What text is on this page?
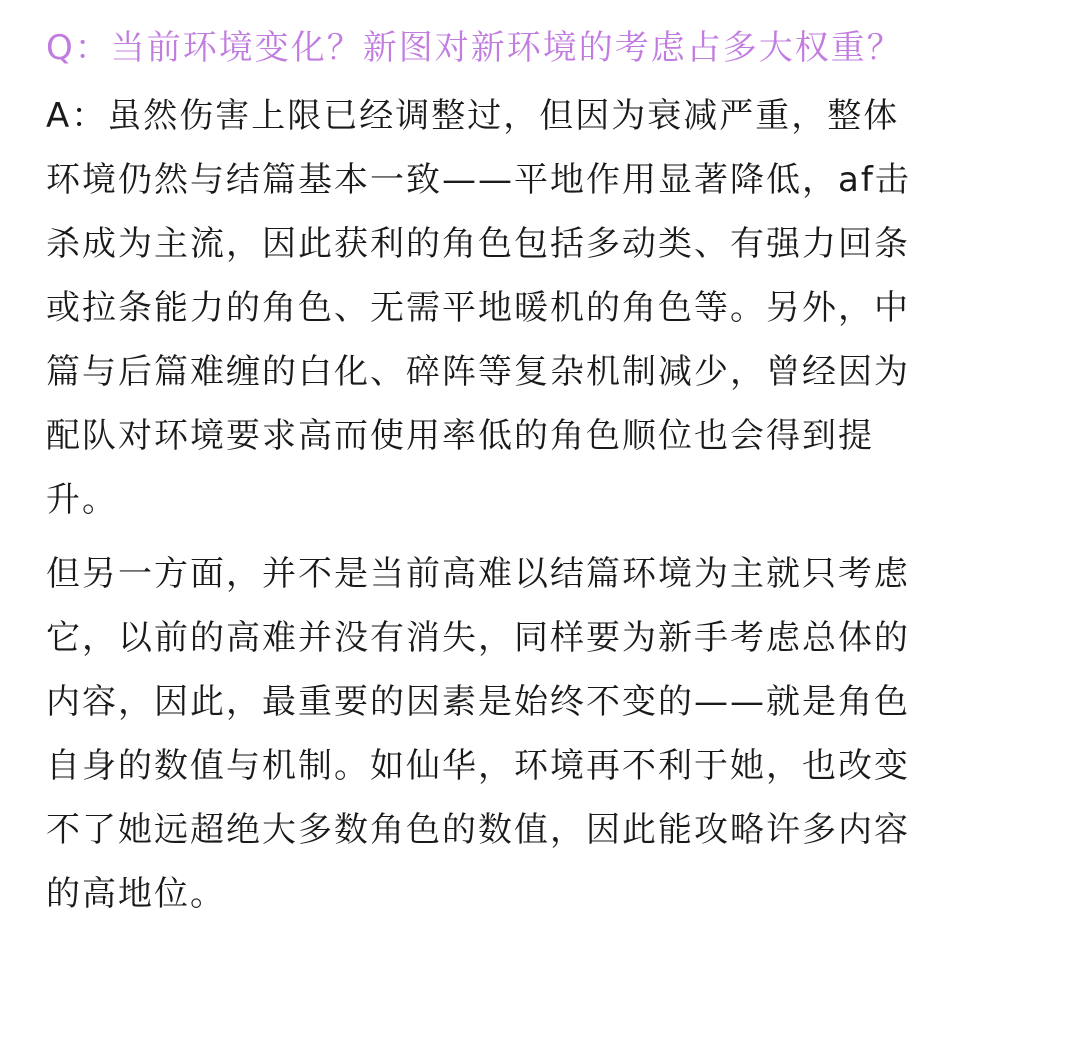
Q：当前环境变化？新图对新环境的考虑占多大权重？
A：虽然伤害上限已经调整过，但因为衰减严重，整体
环境仍然与结篇基本一致——平地作用显著降低，af击
杀成为主流，因此获利的角色包括多动类、有强力回条
或拉条能力的角色、无需平地暖机的角色等。另外，中
篇与后篇难缠的白化、碎阵等复杂机制减少，曾经因为
配队对环境要求高而使用率低的角色顺位也会得到提
升。
但另一方面，并不是当前高难以结篇环境为主就只考虑
它，以前的高难并没有消失，同样要为新手考虑总体的
内容，因此，最重要的因素是始终不变的——就是角色
自身的数值与机制。如仙华，环境再不利于她，也改变
不了她远超绝大多数角色的数值，因此能攻略许多内容
的高地位。
